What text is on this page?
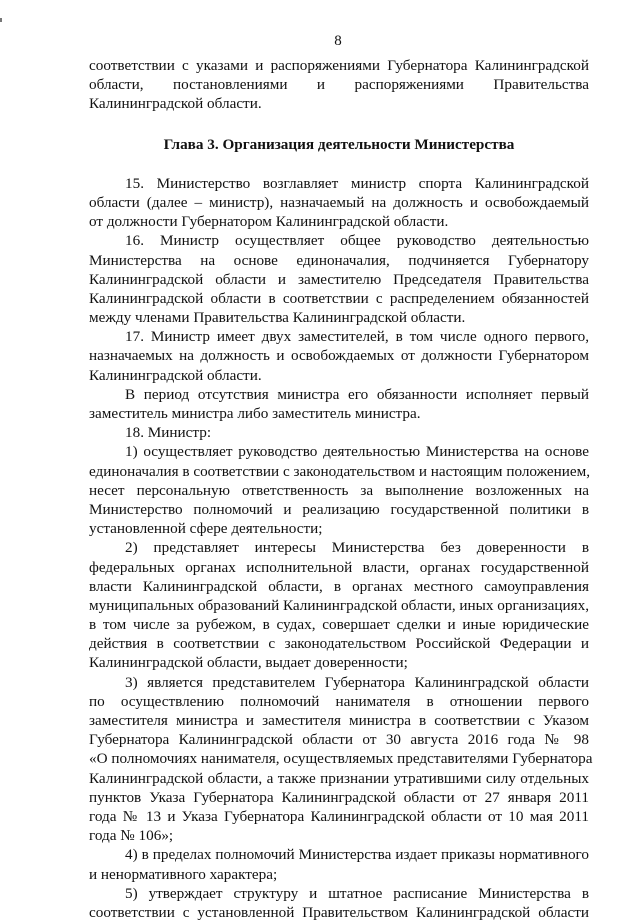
8
соответствии с указами и распоряжениями Губернатора Калининградской
области, постановлениями и распоряжениями Правительства
Калининградской области.
Глава 3. Организация деятельности Министерства
15. Министерство возглавляет министр спорта Калининградской
области (далее – министр), назначаемый на должность и освобождаемый
от должности Губернатором Калининградской области.
16. Министр осуществляет общее руководство деятельностью
Министерства на основе единоначалия, подчиняется Губернатору
Калининградской области и заместителю Председателя Правительства
Калининградской области в соответствии с распределением обязанностей
между членами Правительства Калининградской области.
17. Министр имеет двух заместителей, в том числе одного первого,
назначаемых на должность и освобождаемых от должности Губернатором
Калининградской области.
В период отсутствия министра его обязанности исполняет первый
заместитель министра либо заместитель министра.
18. Министр:
1) осуществляет руководство деятельностью Министерства на основе
единоначалия в соответствии с законодательством и настоящим положением,
несет персональную ответственность за выполнение возложенных на
Министерство полномочий и реализацию государственной политики в
установленной сфере деятельности;
2) представляет интересы Министерства без доверенности в
федеральных органах исполнительной власти, органах государственной
власти Калининградской области, в органах местного самоуправления
муниципальных образований Калининградской области, иных организациях,
в том числе за рубежом, в судах, совершает сделки и иные юридические
действия в соответствии с законодательством Российской Федерации и
Калининградской области, выдает доверенности;
3) является представителем Губернатора Калининградской области
по осуществлению полномочий нанимателя в отношении первого
заместителя министра и заместителя министра в соответствии с Указом
Губернатора Калининградской области от 30 августа 2016 года № 98
«О полномочиях нанимателя, осуществляемых представителями Губернатора
Калининградской области, а также признании утратившими силу отдельных
пунктов Указа Губернатора Калининградской области от 27 января 2011
года № 13 и Указа Губернатора Калининградской области от 10 мая 2011
года № 106»;
4) в пределах полномочий Министерства издает приказы нормативного
и ненормативного характера;
5) утверждает структуру и штатное расписание Министерства в
соответствии с установленной Правительством Калининградской области
